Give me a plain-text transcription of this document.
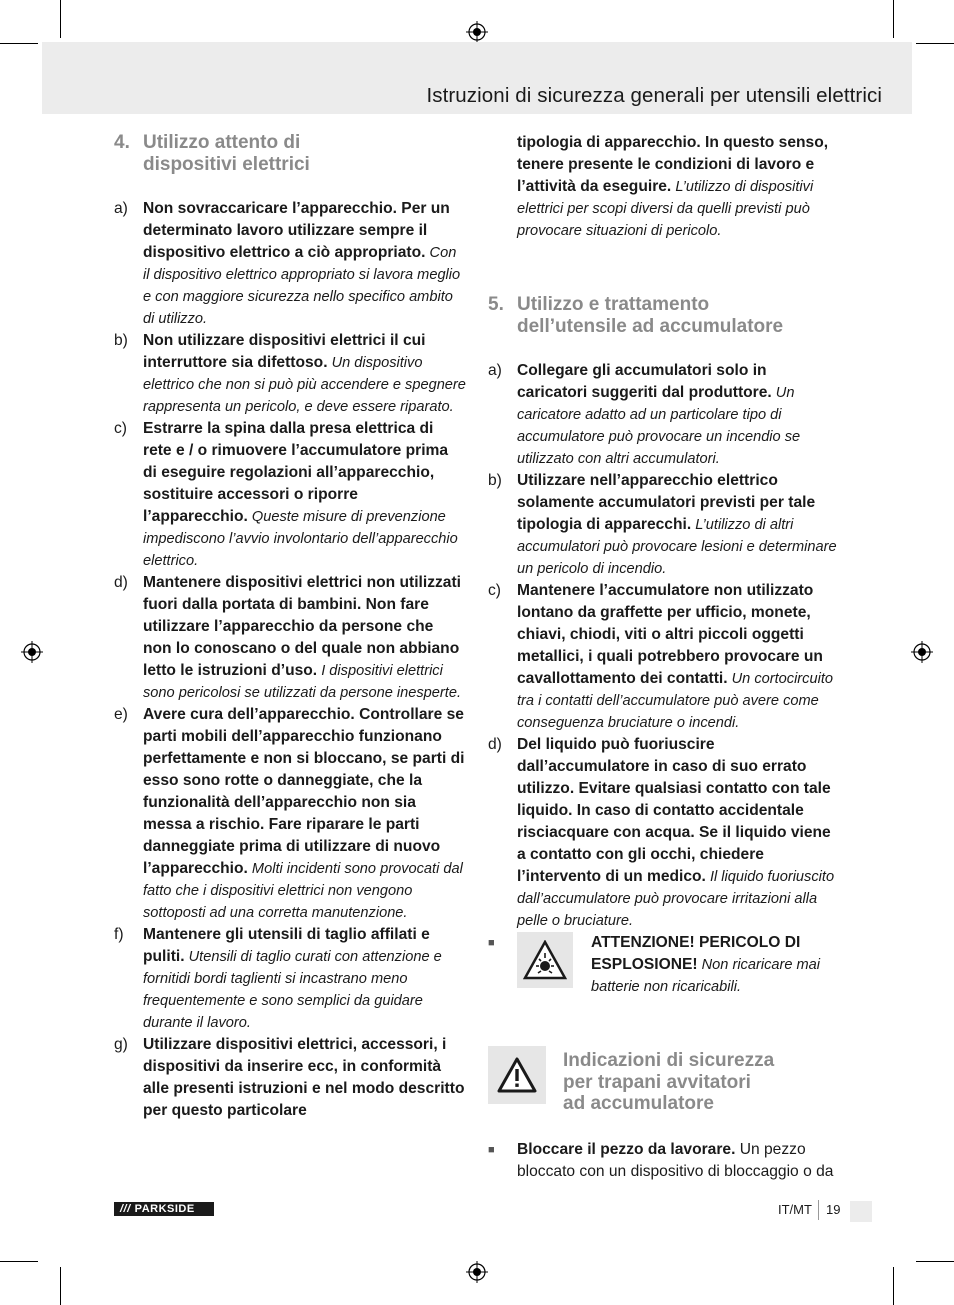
Istruzioni di sicurezza generali per utensili elettrici
4. Utilizzo attento di
dispositivi elettrici
a) Non sovraccaricare l’apparecchio. Per un determinato lavoro utilizzare sempre il dispositivo elettrico a ciò appropriato. Con il dispositivo elettrico appropriato si lavora meglio e con maggiore sicurezza nello specifico ambito di utilizzo.
b) Non utilizzare dispositivi elettrici il cui interruttore sia difettoso. Un dispositivo elettrico che non si può più accendere e spegnere rappresenta un pericolo, e deve essere riparato.
c)	Estrarre la spina dalla presa elettrica di rete e / o rimuovere l’accumulatore prima di eseguire regolazioni all’apparecchio, sostituire accessori o riporre l’apparecchio. Queste misure di prevenzione impediscono l’avvio involontario dell’apparecchio elettrico.
d) Mantenere dispositivi elettrici non utilizzati fuori dalla portata di bambini. Non fare utilizzare l’apparecchio da persone che non lo conoscano o del quale non abbiano letto le istruzioni d’uso. I dispositivi elettrici sono pericolosi se utilizzati da persone inesperte.
e) Avere cura dell’apparecchio. Controllare se parti mobili dell’apparecchio funzionano perfettamente e non si bloccano, se parti di esso sono rotte o danneggiate, che la funzionalità dell’apparecchio non sia messa a rischio. Fare riparare le parti danneggiate prima di utilizzare di nuovo l’apparecchio. Molti incidenti sono provocati dal fatto che i dispositivi elettrici non vengono sottoposti ad una corretta manutenzione.
f)	Mantenere gli utensili di taglio affilati e puliti. Utensili di taglio curati con attenzione e fornitidi bordi taglienti si incastrano meno frequentemente e sono semplici da guidare durante il lavoro.
g) Utilizzare dispositivi elettrici, accessori, i dispositivi da inserire ecc, in conformità alle presenti istruzioni e nel modo descritto per questo particolare
tipologia di apparecchio. In questo senso, tenere presente le condizioni di lavoro e l’attività da eseguire. L’utilizzo di dispositivi elettrici per scopi diversi da quelli previsti può provocare situazioni di pericolo.
5. Utilizzo e trattamento
dell’utensile ad accumulatore
a) Collegare gli accumulatori solo in caricatori suggeriti dal produttore. Un caricatore adatto ad un particolare tipo di accumulatore può provocare un incendio se utilizzato con altri accumulatori.
b) Utilizzare nell’apparecchio elettrico solamente accumulatori previsti per tale tipologia di apparecchi. L’utilizzo di altri accumulatori può provocare lesioni e determinare un pericolo di incendio.
c)	Mantenere l’accumulatore non utilizzato lontano da graffette per ufficio, monete, chiavi, chiodi, viti o altri piccoli oggetti metallici, i quali potrebbero provocare un cavallottamento dei contatti. Un cortocircuito tra i contatti dell’accumulatore può avere come conseguenza bruciature o incendi.
d) Del liquido può fuoriuscire dall’accumulatore in caso di suo errato utilizzo. Evitare qualsiasi contatto con tale liquido. In caso di contatto accidentale risciacquare con acqua. Se il liquido viene a contatto con gli occhi, chiedere l’intervento di un medico. Il liquido fuoriuscito dall’accumulatore può provocare irritazioni alla pelle o bruciature.
■	ATTENZIONE! PERICOLO DI ESPLOSIONE! Non ricaricare mai batterie non ricaricabili.
Indicazioni di sicurezza
per trapani avvitatori
ad accumulatore
■	Bloccare il pezzo da lavorare. Un pezzo bloccato con un dispositivo di bloccaggio o da
/// PARKSIDE	IT/MT 19
